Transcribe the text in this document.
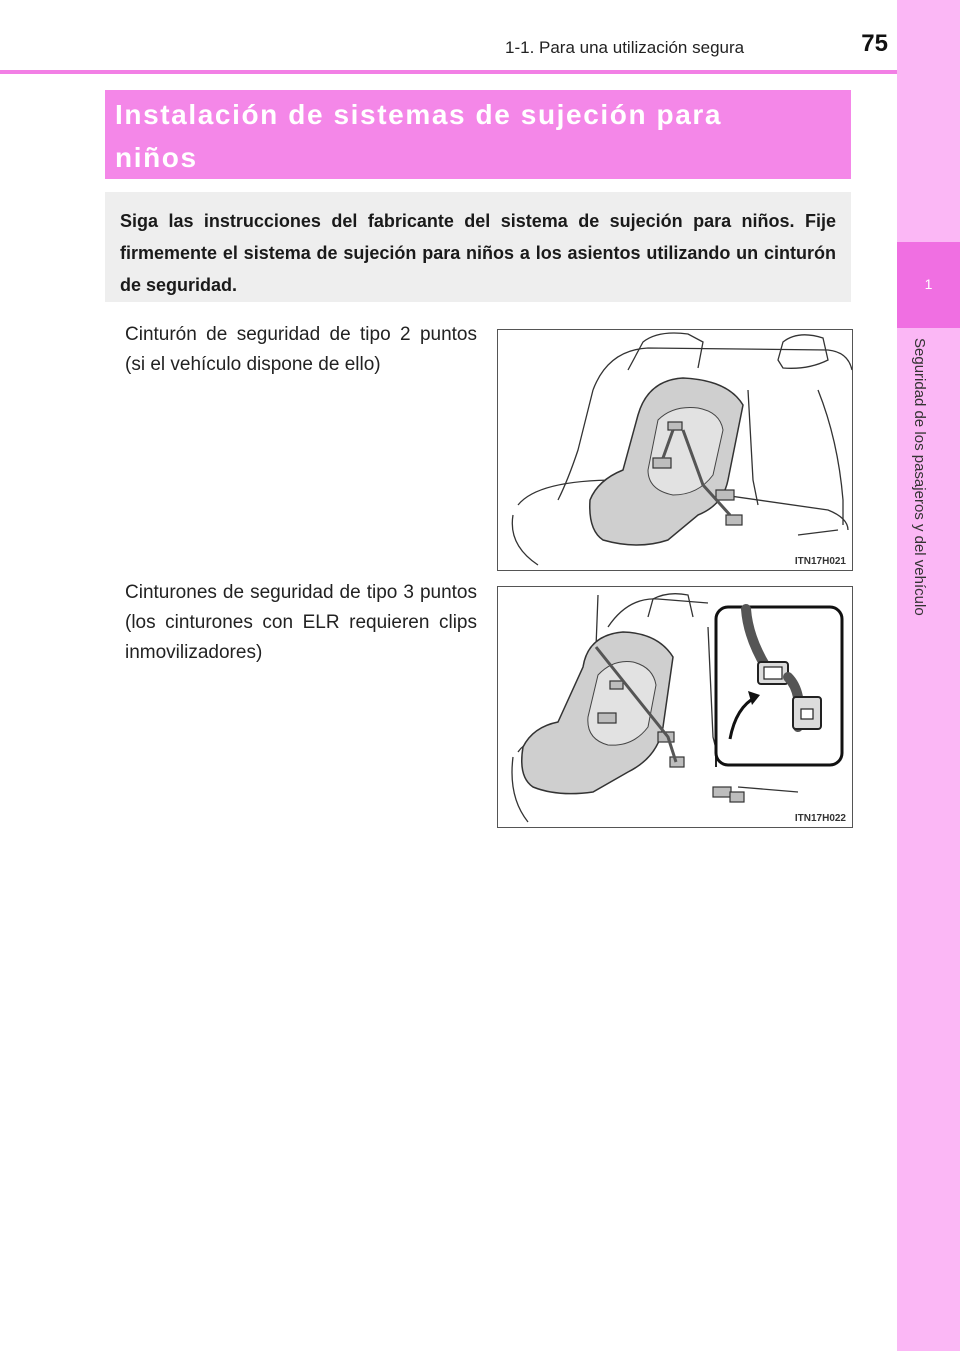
1-1. Para una utilización segura	75
1
Seguridad de los pasajeros y del vehículo
Instalación de sistemas de sujeción para
niños
Siga las instrucciones del fabricante del sistema de sujeción para niños. Fije firmemente el sistema de sujeción para niños a los asientos utilizando un cinturón de seguridad.
Cinturón de seguridad de tipo 2 puntos (si el vehículo dispone de ello)
ITN17H021
Cinturones de seguridad de tipo 3 puntos (los cinturones con ELR requieren clips inmovilizadores)
ITN17H022
